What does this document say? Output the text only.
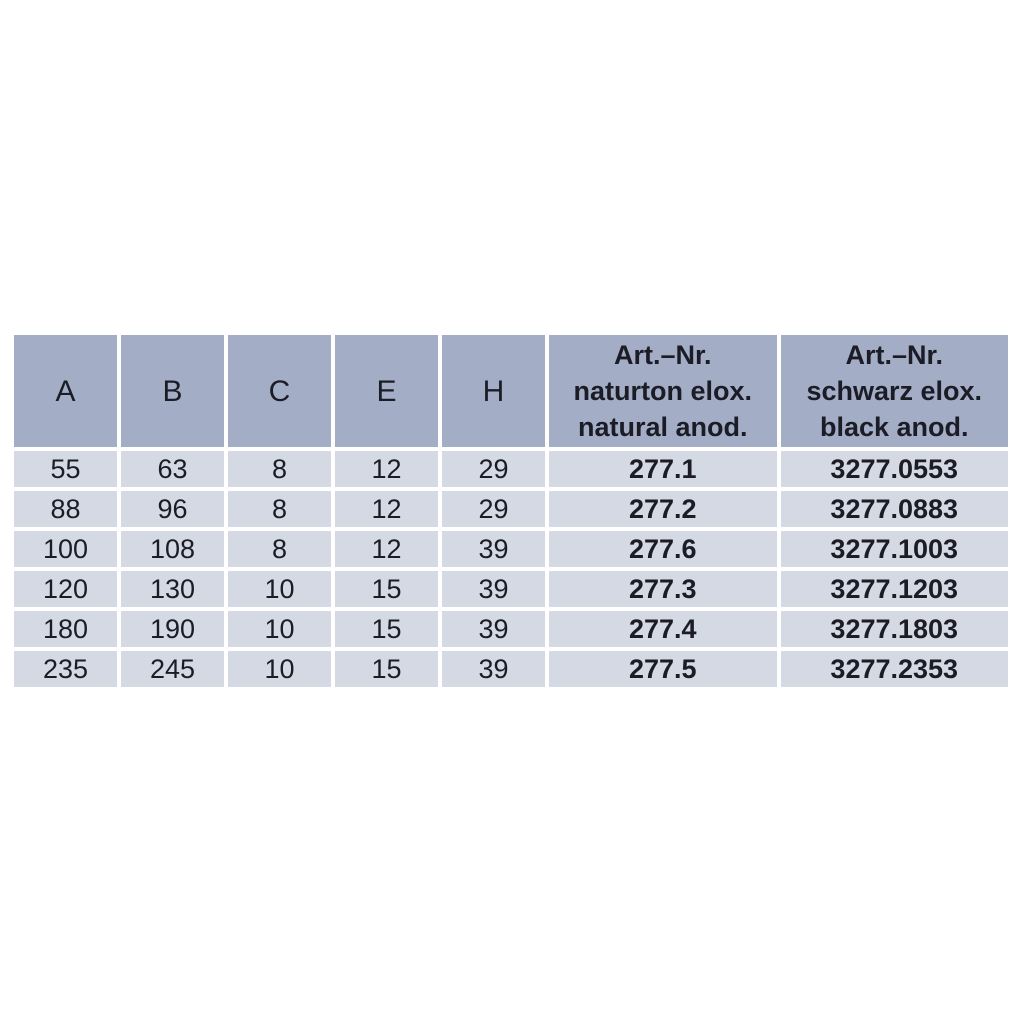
A	B	C	E	H	Art.–Nr.
naturton elox.
natural anod.	Art.–Nr.
schwarz elox.
black anod.

55	63	8	12	29	277.1	3277.0553
88	96	8	12	29	277.2	3277.0883
100	108	8	12	39	277.6	3277.1003
120	130	10	15	39	277.3	3277.1203
180	190	10	15	39	277.4	3277.1803
235	245	10	15	39	277.5	3277.2353
